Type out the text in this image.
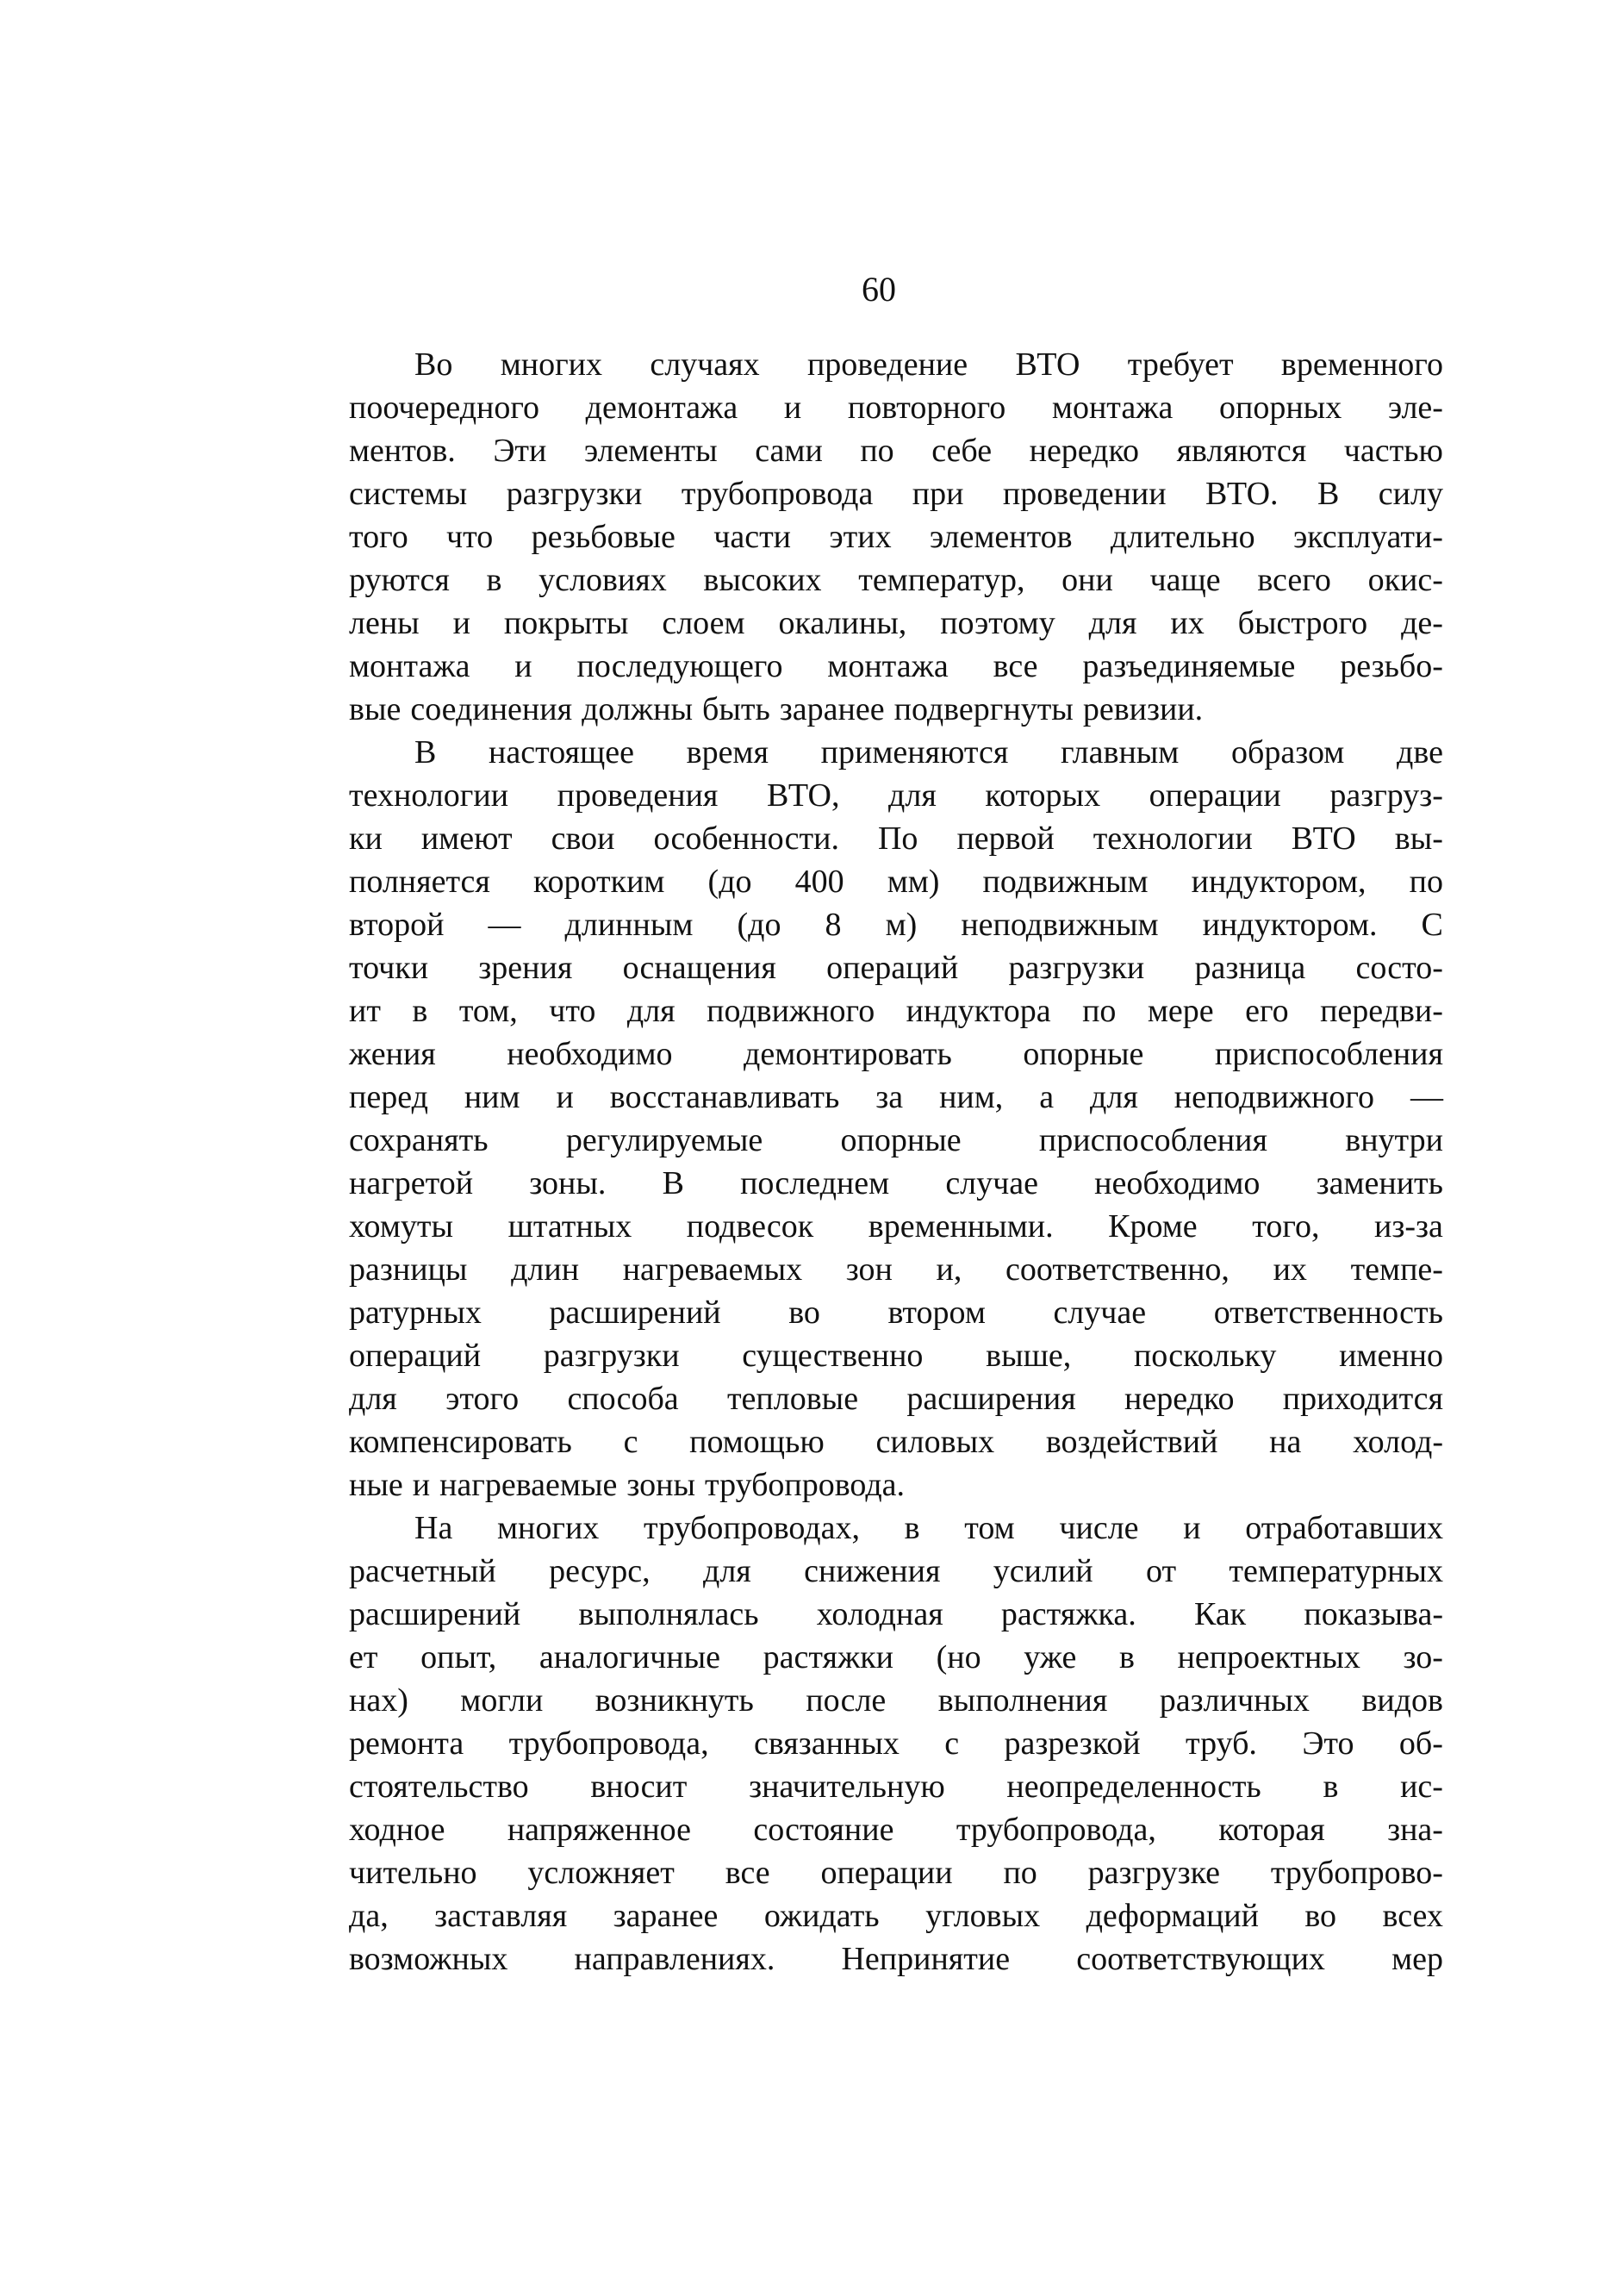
60
Во многих случаях проведение ВТО требует временного
поочередного демонтажа и повторного монтажа опорных эле-
ментов. Эти элементы сами по себе нередко являются частью
системы разгрузки трубопровода при проведении ВТО. В силу
того что резьбовые части этих элементов длительно эксплуати-
руются в условиях высоких температур, они чаще всего окис-
лены и покрыты слоем окалины, поэтому для их быстрого де-
монтажа и последующего монтажа все разъединяемые резьбо-
вые соединения должны быть заранее подвергнуты ревизии.
В настоящее время применяются главным образом две
технологии проведения ВТО, для которых операции разгруз-
ки имеют свои особенности. По первой технологии ВТО вы-
полняется коротким (до 400 мм) подвижным индуктором, по
второй — длинным (до 8 м) неподвижным индуктором. С
точки зрения оснащения операций разгрузки разница состо-
ит в том, что для подвижного индуктора по мере его передви-
жения необходимо демонтировать опорные приспособления
перед ним и восстанавливать за ним, а для неподвижного —
сохранять регулируемые опорные приспособления внутри
нагретой зоны. В последнем случае необходимо заменить
хомуты штатных подвесок временными. Кроме того, из-за
разницы длин нагреваемых зон и, соответственно, их темпе-
ратурных расширений во втором случае ответственность
операций разгрузки существенно выше, поскольку именно
для этого способа тепловые расширения нередко приходится
компенсировать с помощью силовых воздействий на холод-
ные и нагреваемые зоны трубопровода.
На многих трубопроводах, в том числе и отработавших
расчетный ресурс, для снижения усилий от температурных
расширений выполнялась холодная растяжка. Как показыва-
ет опыт, аналогичные растяжки (но уже в непроектных зо-
нах) могли возникнуть после выполнения различных видов
ремонта трубопровода, связанных с разрезкой труб. Это об-
стоятельство вносит значительную неопределенность в ис-
ходное напряженное состояние трубопровода, которая зна-
чительно усложняет все операции по разгрузке трубопрово-
да, заставляя заранее ожидать угловых деформаций во всех
возможных направлениях. Непринятие соответствующих мер
